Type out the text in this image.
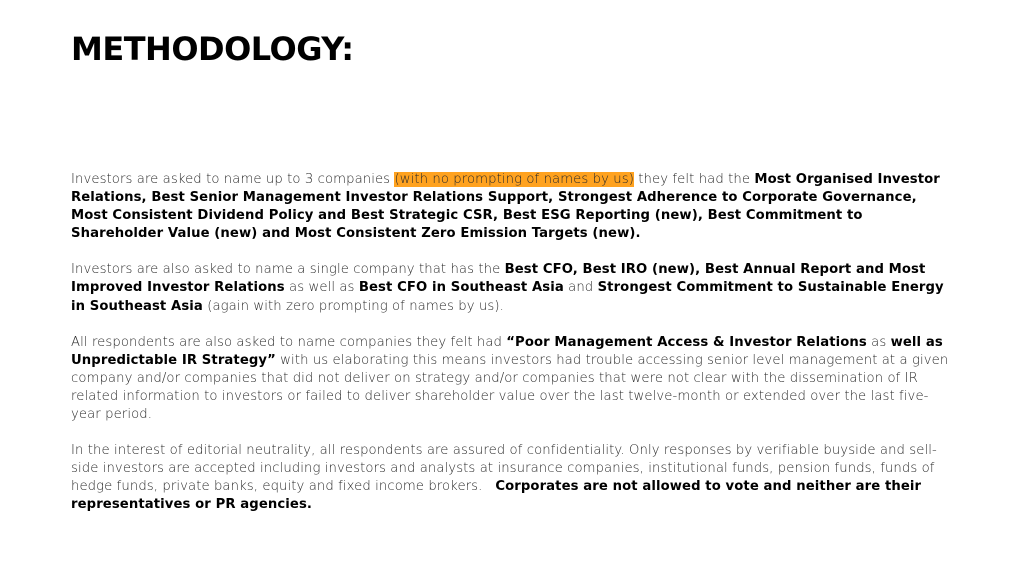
METHODOLOGY:

Investors are asked to name up to 3 companies (with no prompting of names by us) they felt had the Most Organised Investor Relations, Best Senior Management Investor Relations Support, Strongest Adherence to Corporate Governance, Most Consistent Dividend Policy and Best Strategic CSR, Best ESG Reporting (new), Best Commitment to Shareholder Value (new) and Most Consistent Zero Emission Targets (new).

Investors are also asked to name a single company that has the Best CFO, Best IRO (new), Best Annual Report and Most Improved Investor Relations as well as Best CFO in Southeast Asia and Strongest Commitment to Sustainable Energy in Southeast Asia (again with zero prompting of names by us).

All respondents are also asked to name companies they felt had “Poor Management Access & Investor Relations as well as Unpredictable IR Strategy” with us elaborating this means investors had trouble accessing senior level management at a given company and/or companies that did not deliver on strategy and/or companies that were not clear with the dissemination of IR related information to investors or failed to deliver shareholder value over the last twelve-month or extended over the last five-year period.

In the interest of editorial neutrality, all respondents are assured of confidentiality. Only responses by verifiable buyside and sell-side investors are accepted including investors and analysts at insurance companies, institutional funds, pension funds, funds of hedge funds, private banks, equity and fixed income brokers.   Corporates are not allowed to vote and neither are their representatives or PR agencies.
